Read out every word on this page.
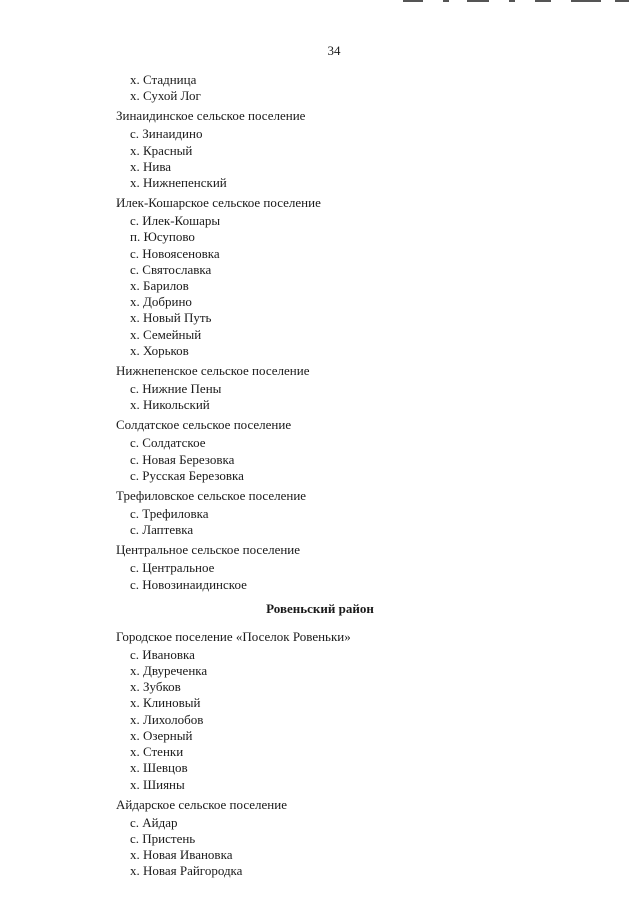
34
х. Стадница
х. Сухой Лог
Зинаидинское сельское поселение
с. Зинаидино
х. Красный
х. Нива
х. Нижнепенский
Илек-Кошарское сельское поселение
с. Илек-Кошары
п. Юсупово
с. Новоясеновка
с. Святославка
х. Барилов
х. Добрино
х. Новый Путь
х. Семейный
х. Хорьков
Нижнепенское сельское поселение
с. Нижние Пены
х. Никольский
Солдатское сельское поселение
с. Солдатское
с. Новая Березовка
с. Русская Березовка
Трефиловское сельское поселение
с. Трефиловка
с. Лаптевка
Центральное сельское поселение
с. Центральное
с. Новозинаидинское
Ровеньский район
Городское поселение «Поселок Ровеньки»
с. Ивановка
х. Двуреченка
х. Зубков
х. Клиновый
х. Лихолобов
х. Озерный
х. Стенки
х. Шевцов
х. Шияны
Айдарское сельское поселение
с. Айдар
с. Пристень
х. Новая Ивановка
х. Новая Райгородка
